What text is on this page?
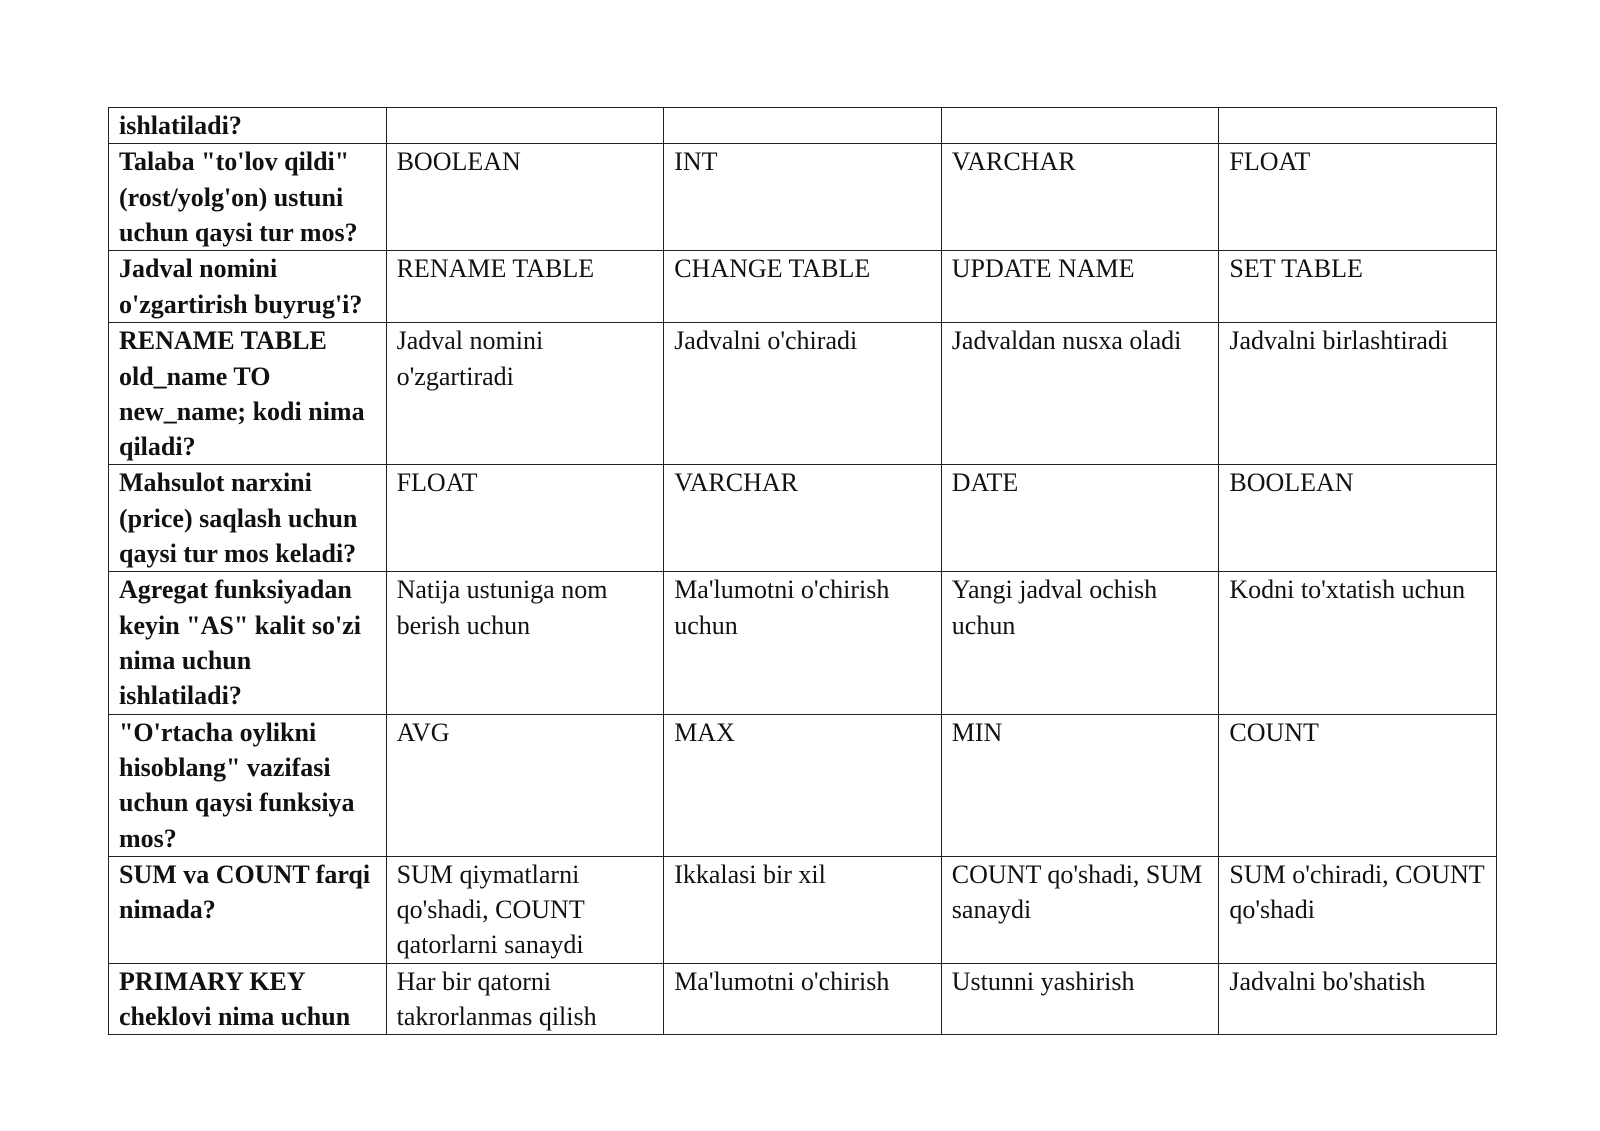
ishlatiladi?				
Talaba "to'lov qildi" (rost/yolg'on) ustuni uchun qaysi tur mos?	BOOLEAN	INT	VARCHAR	FLOAT
Jadval nomini o'zgartirish buyrug'i?	RENAME TABLE	CHANGE TABLE	UPDATE NAME	SET TABLE
RENAME TABLE old_name TO new_name; kodi nima qiladi?	Jadval nomini o'zgartiradi	Jadvalni o'chiradi	Jadvaldan nusxa oladi	Jadvalni birlashtiradi
Mahsulot narxini (price) saqlash uchun qaysi tur mos keladi?	FLOAT	VARCHAR	DATE	BOOLEAN
Agregat funksiyadan keyin "AS" kalit so'zi nima uchun ishlatiladi?	Natija ustuniga nom berish uchun	Ma'lumotni o'chirish uchun	Yangi jadval ochish uchun	Kodni to'xtatish uchun
"O'rtacha oylikni hisoblang" vazifasi uchun qaysi funksiya mos?	AVG	MAX	MIN	COUNT
SUM va COUNT farqi nimada?	SUM qiymatlarni qo'shadi, COUNT qatorlarni sanaydi	Ikkalasi bir xil	COUNT qo'shadi, SUM sanaydi	SUM o'chiradi, COUNT qo'shadi
PRIMARY KEY cheklovi nima uchun	Har bir qatorni takrorlanmas qilish	Ma'lumotni o'chirish	Ustunni yashirish	Jadvalni bo'shatish
